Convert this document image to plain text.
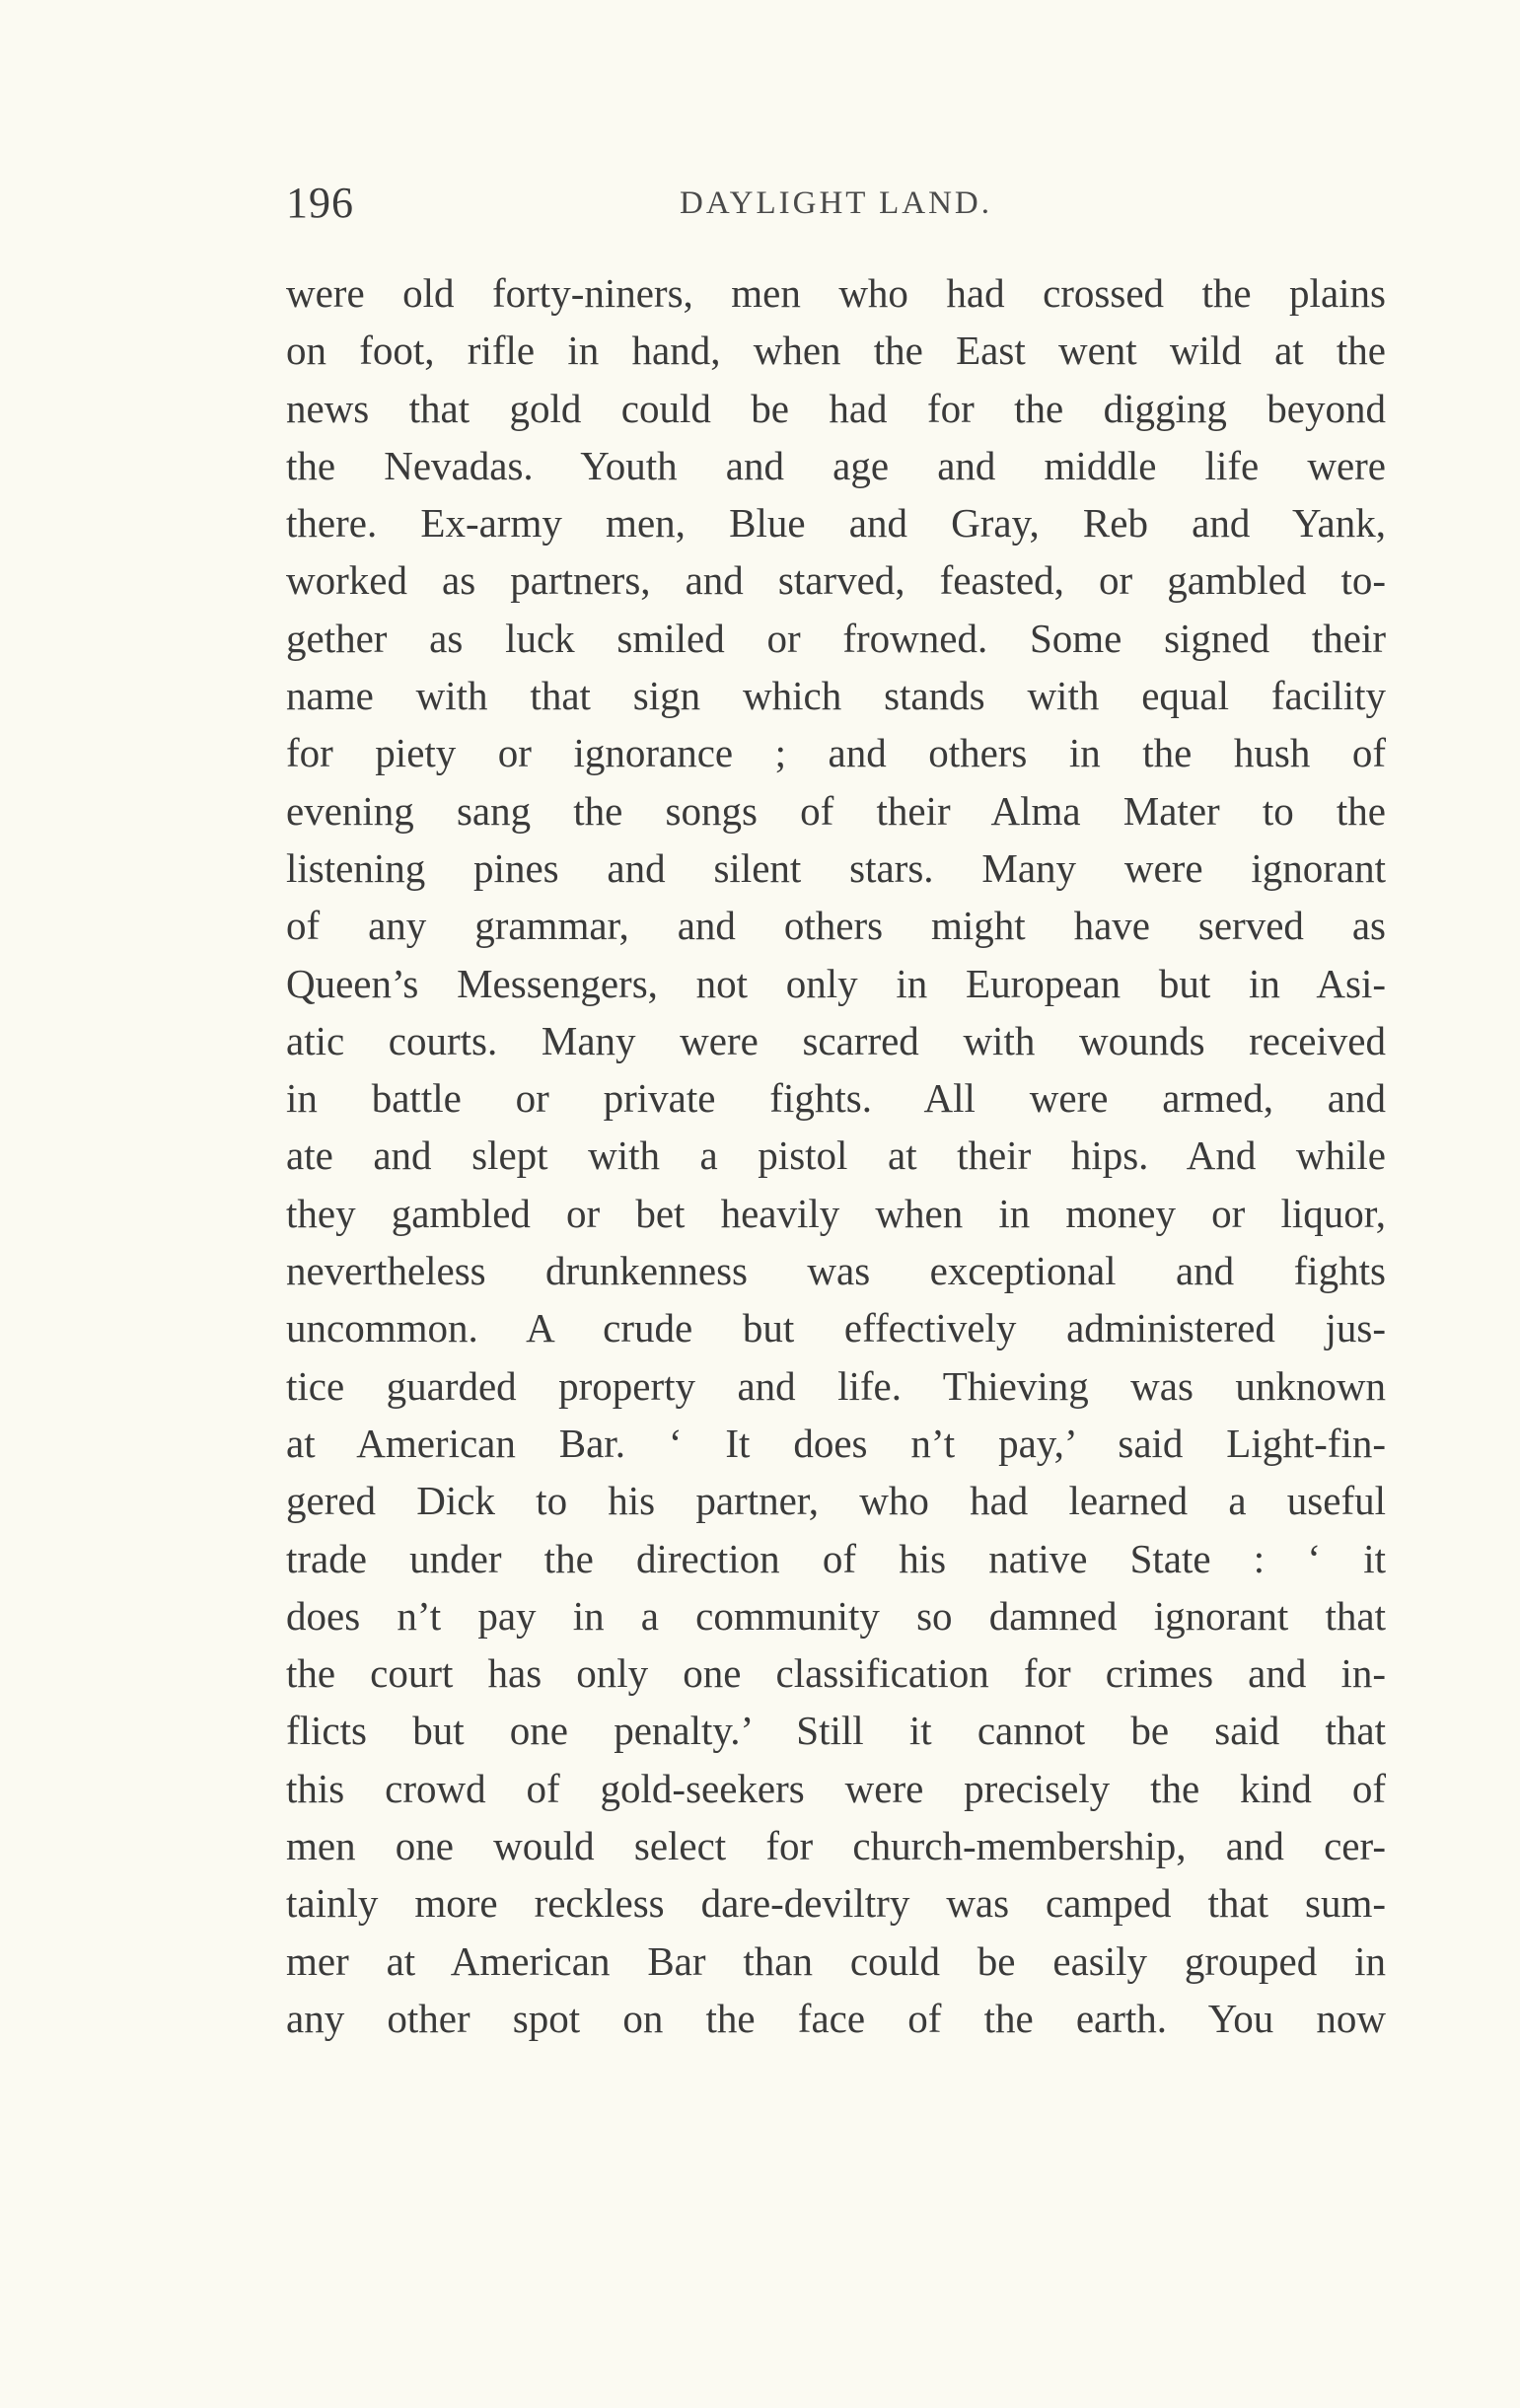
196	DAYLIGHT LAND.
were old forty-niners, men who had crossed the plains
on foot, rifle in hand, when the East went wild at the
news that gold could be had for the digging beyond
the Nevadas. Youth and age and middle life were
there. Ex-army men, Blue and Gray, Reb and Yank,
worked as partners, and starved, feasted, or gambled to-
gether as luck smiled or frowned. Some signed their
name with that sign which stands with equal facility
for piety or ignorance ; and others in the hush of
evening sang the songs of their Alma Mater to the
listening pines and silent stars. Many were ignorant
of any grammar, and others might have served as
Queen’s Messengers, not only in European but in Asi-
atic courts. Many were scarred with wounds received
in battle or private fights. All were armed, and
ate and slept with a pistol at their hips. And while
they gambled or bet heavily when in money or liquor,
nevertheless drunkenness was exceptional and fights
uncommon. A crude but effectively administered jus-
tice guarded property and life. Thieving was unknown
at American Bar. ‘ It does n’t pay,’ said Light-fin-
gered Dick to his partner, who had learned a useful
trade under the direction of his native State : ‘ it
does n’t pay in a community so damned ignorant that
the court has only one classification for crimes and in-
flicts but one penalty.’ Still it cannot be said that
this crowd of gold-seekers were precisely the kind of
men one would select for church-membership, and cer-
tainly more reckless dare-deviltry was camped that sum-
mer at American Bar than could be easily grouped in
any other spot on the face of the earth. You now
